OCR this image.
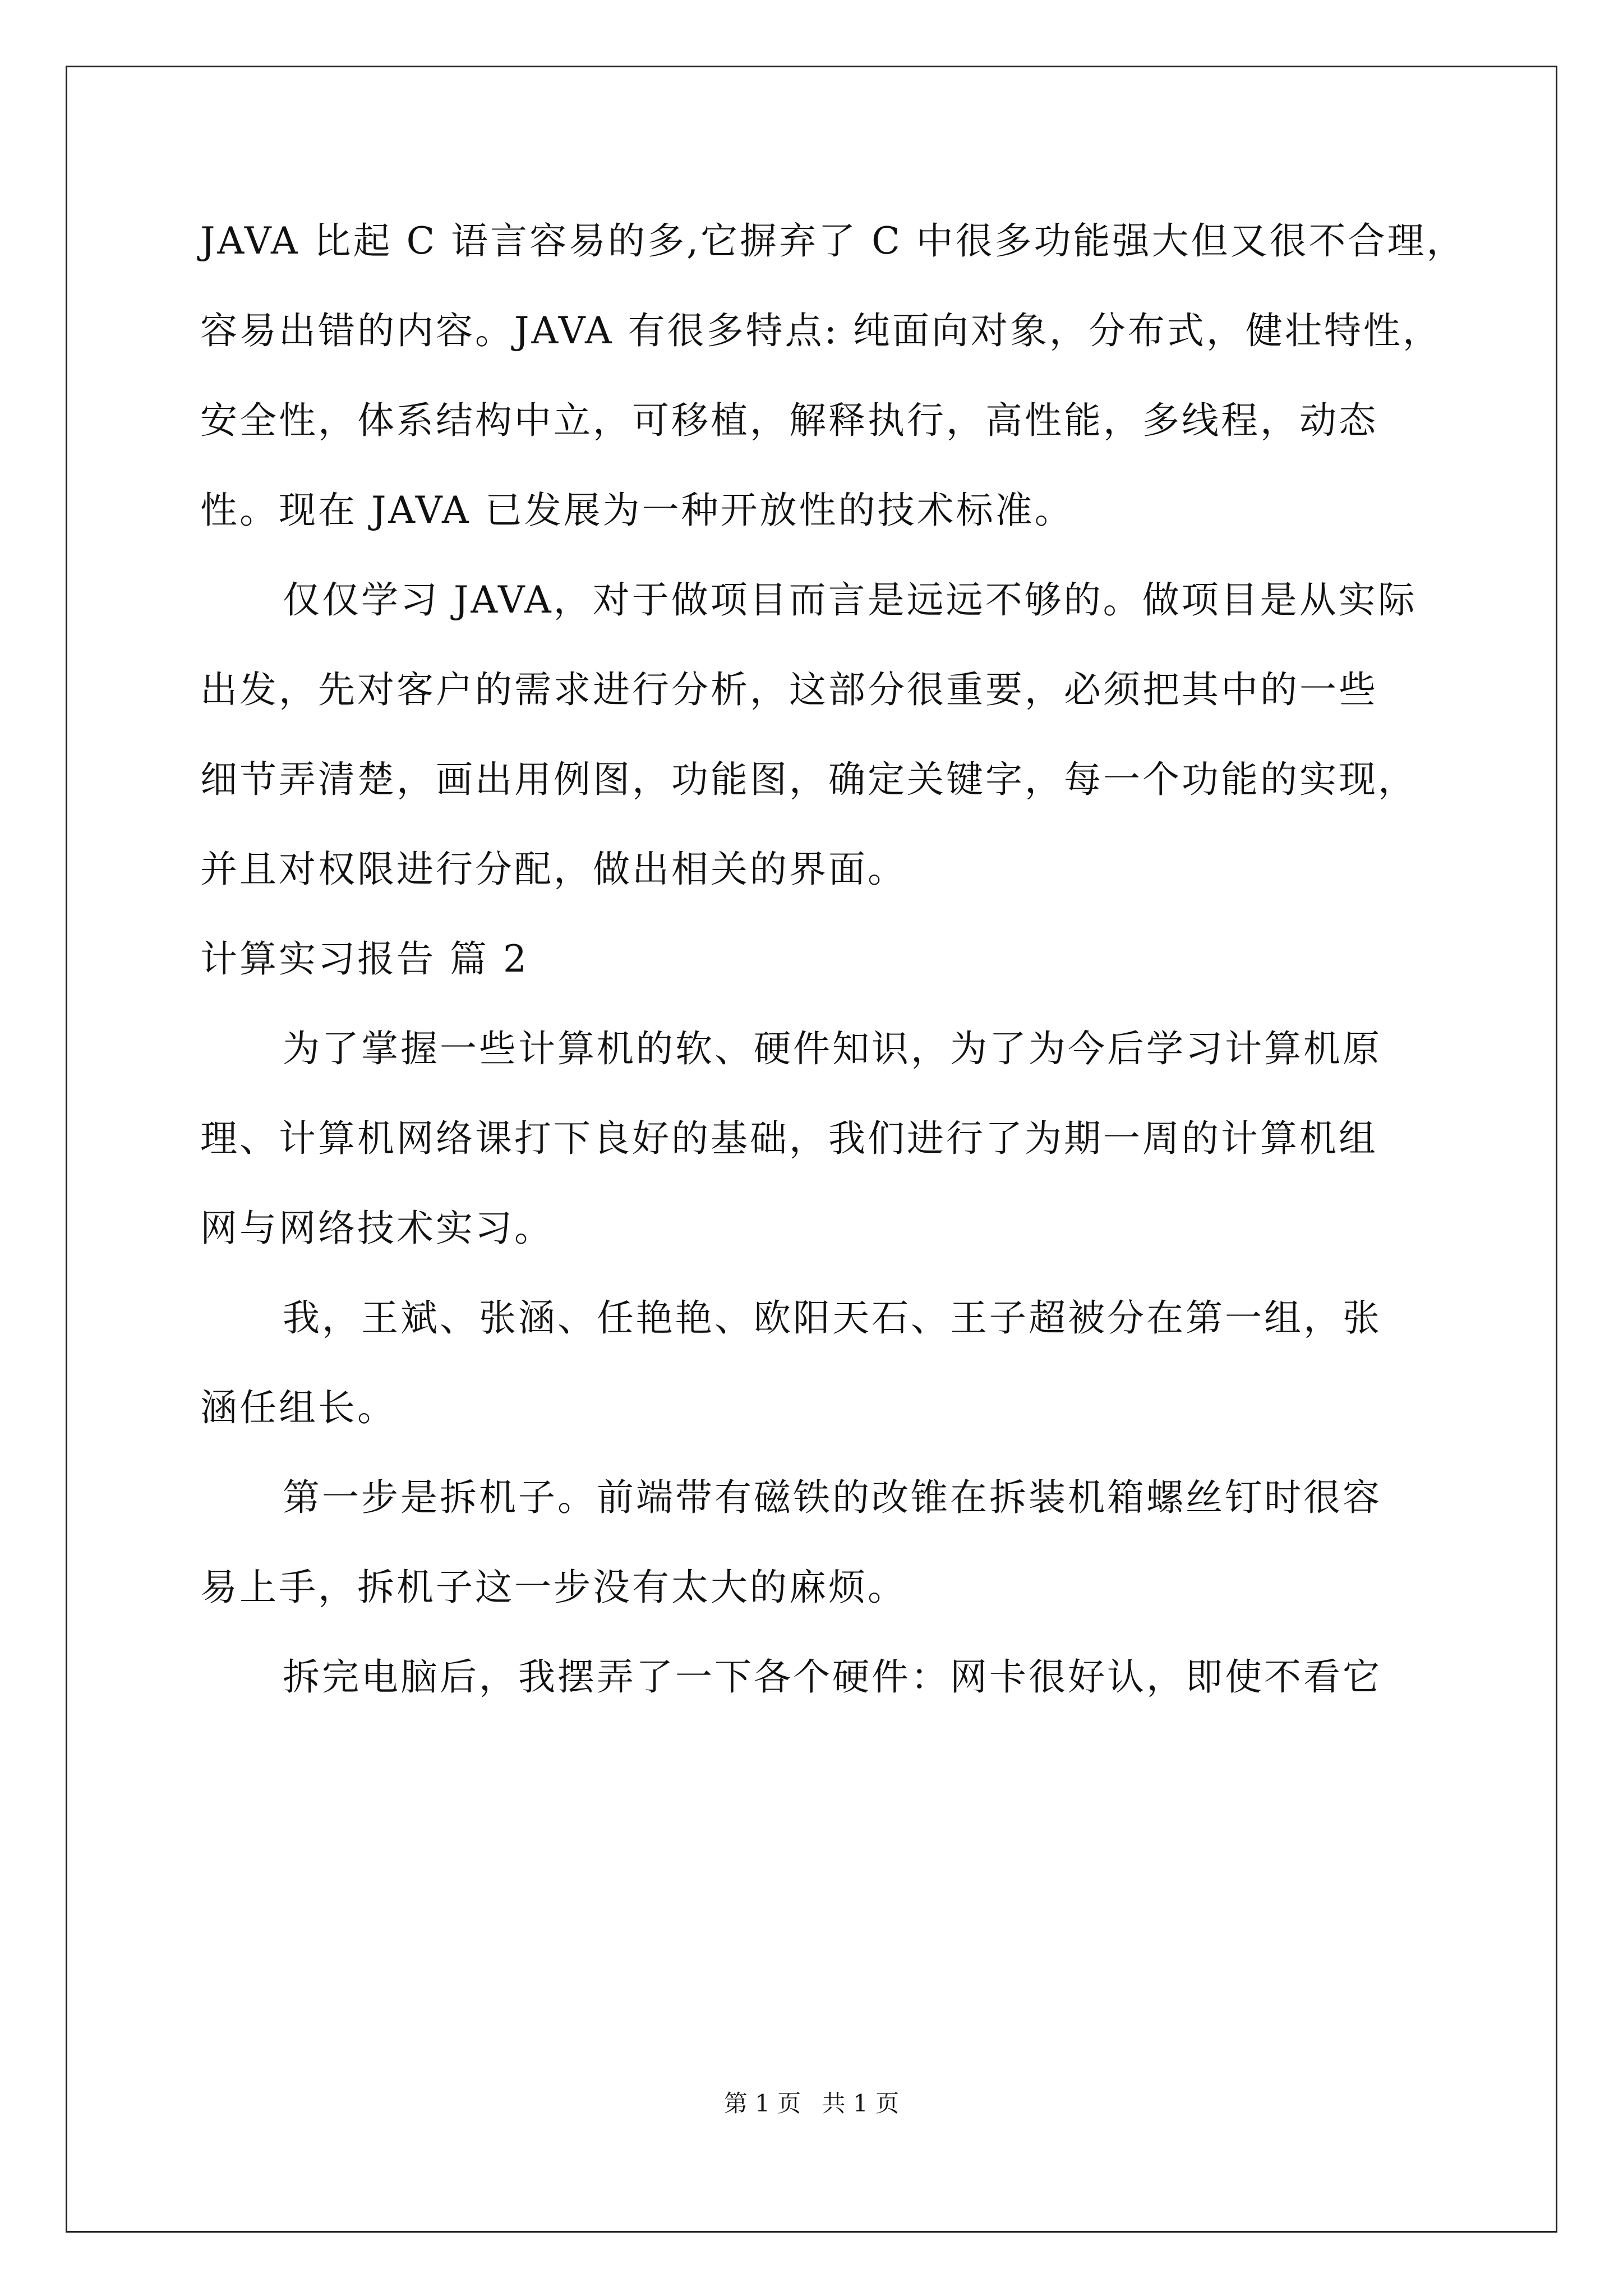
JAVA 比起 C 语言容易的多,它摒弃了 C 中很多功能强大但又很不合理，
容易出错的内容。JAVA 有很多特点: 纯面向对象，分布式，健壮特性，
安全性，体系结构中立，可移植，解释执行，高性能，多线程，动态
性。现在 JAVA 已发展为一种开放性的技术标准。
仅仅学习 JAVA，对于做项目而言是远远不够的。做项目是从实际
出发，先对客户的需求进行分析，这部分很重要，必须把其中的一些
细节弄清楚，画出用例图，功能图，确定关键字，每一个功能的实现，
并且对权限进行分配，做出相关的界面。
计算实习报告 篇 2
为了掌握一些计算机的软、硬件知识，为了为今后学习计算机原
理、计算机网络课打下良好的基础，我们进行了为期一周的计算机组
网与网络技术实习。
我，王斌、张涵、任艳艳、欧阳天石、王子超被分在第一组，张
涵任组长。
第一步是拆机子。前端带有磁铁的改锥在拆装机箱螺丝钉时很容
易上手，拆机子这一步没有太大的麻烦。
拆完电脑后，我摆弄了一下各个硬件：网卡很好认，即使不看它
第 1 页 共 1 页
